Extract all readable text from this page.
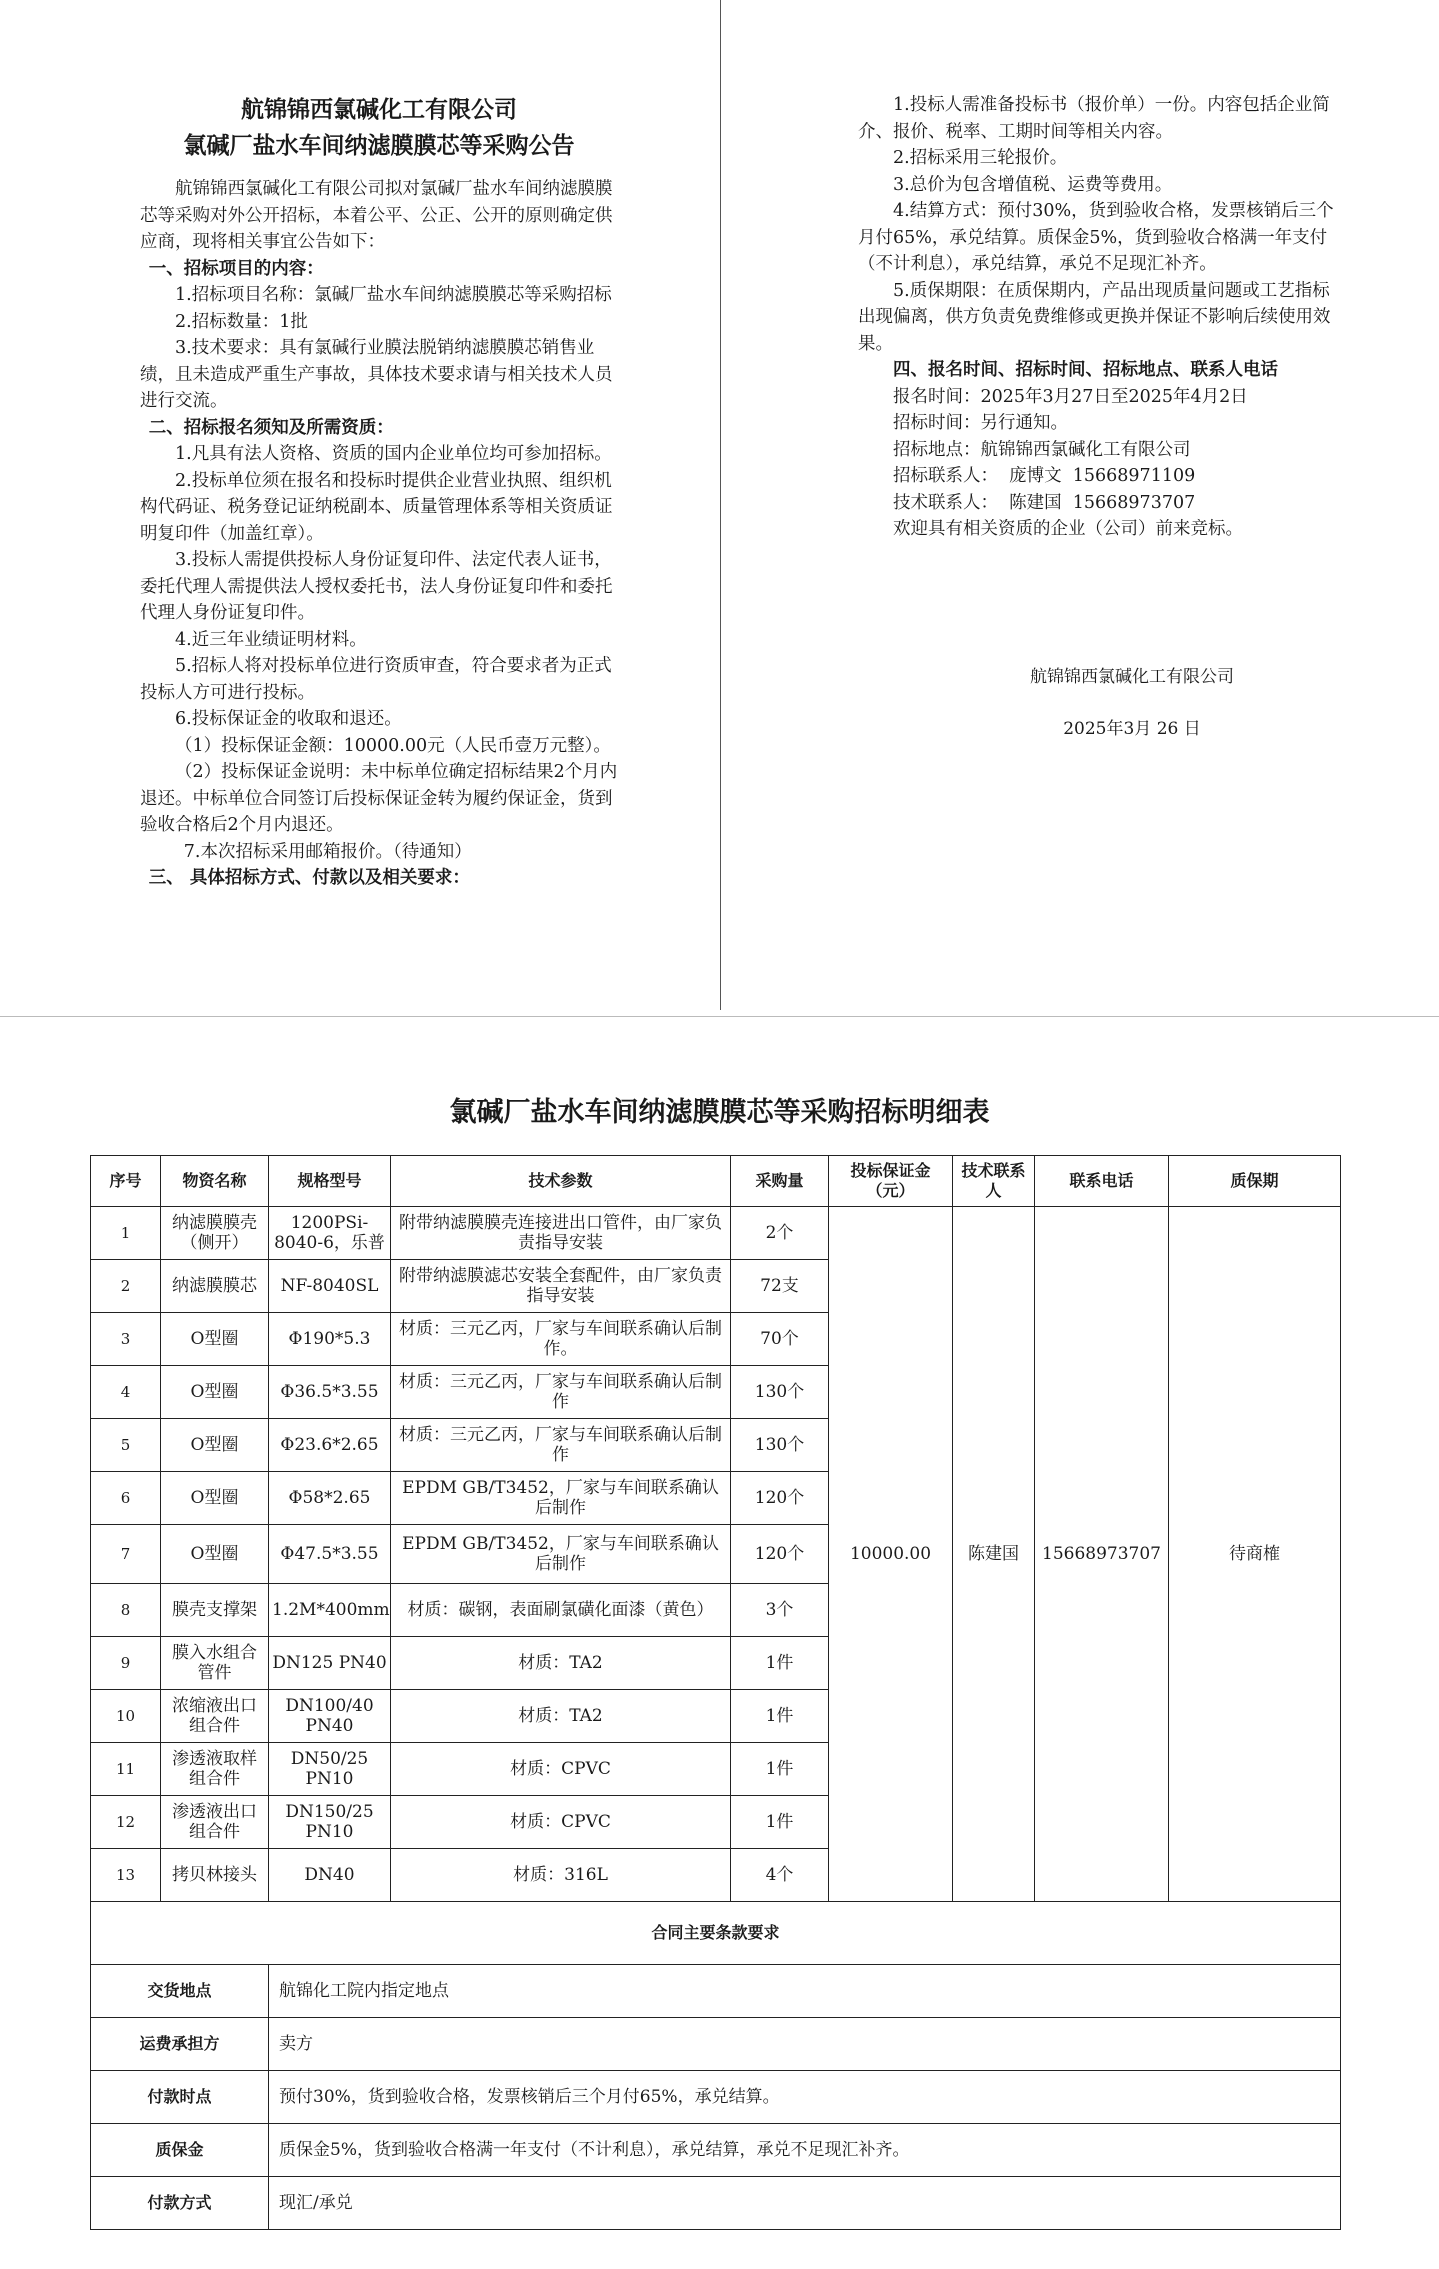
航锦锦西氯碱化工有限公司

氯碱厂盐水车间纳滤膜膜芯等采购公告

航锦锦西氯碱化工有限公司拟对氯碱厂盐水车间纳滤膜膜芯等采购对外公开招标，本着公平、公正、公开的原则确定供应商，现将相关事宜公告如下：

一、招标项目的内容：

1.招标项目名称：氯碱厂盐水车间纳滤膜膜芯等采购招标

2.招标数量：1批

3.技术要求：具有氯碱行业膜法脱销纳滤膜膜芯销售业绩，且未造成严重生产事故，具体技术要求请与相关技术人员进行交流。

二、招标报名须知及所需资质：

1.凡具有法人资格、资质的国内企业单位均可参加招标。

2.投标单位须在报名和投标时提供企业营业执照、组织机构代码证、税务登记证纳税副本、质量管理体系等相关资质证明复印件（加盖红章）。

3.投标人需提供投标人身份证复印件、法定代表人证书，委托代理人需提供法人授权委托书，法人身份证复印件和委托代理人身份证复印件。

4.近三年业绩证明材料。

5.招标人将对投标单位进行资质审查，符合要求者为正式投标人方可进行投标。

6.投标保证金的收取和退还。

（1）投标保证金额：10000.00元（人民币壹万元整）。

（2）投标保证金说明：未中标单位确定招标结果2个月内退还。中标单位合同签订后投标保证金转为履约保证金，货到验收合格后2个月内退还。

7.本次招标采用邮箱报价。（待通知）

三、 具体招标方式、付款以及相关要求：

1.投标人需准备投标书（报价单）一份。内容包括企业简介、报价、税率、工期时间等相关内容。

2.招标采用三轮报价。

3.总价为包含增值税、运费等费用。

4.结算方式：预付30%，货到验收合格，发票核销后三个月付65%，承兑结算。质保金5%，货到验收合格满一年支付（不计利息），承兑结算，承兑不足现汇补齐。

5.质保期限：在质保期内，产品出现质量问题或工艺指标出现偏离，供方负责免费维修或更换并保证不影响后续使用效果。

四、报名时间、招标时间、招标地点、联系人电话

报名时间：2025年3月27日至2025年4月2日

招标时间：另行通知。

招标地点：航锦锦西氯碱化工有限公司

招标联系人：  庞博文  15668971109

技术联系人：  陈建国  15668973707

欢迎具有相关资质的企业（公司）前来竞标。

航锦锦西氯碱化工有限公司
2025年3月 26 日
氯碱厂盐水车间纳滤膜膜芯等采购招标明细表
序号	物资名称	规格型号	技术参数	采购量	投标保证金（元）	技术联系人	联系电话	质保期
1	纳滤膜膜壳（侧开）	1200PSi-8040-6，乐普	附带纳滤膜膜壳连接进出口管件，由厂家负责指导安装	2个	10000.00	陈建国	15668973707	待商榷
2	纳滤膜膜芯	NF-8040SL	附带纳滤膜滤芯安装全套配件，由厂家负责指导安装	72支				
3	O型圈	Φ190*5.3	材质：三元乙丙，厂家与车间联系确认后制作。	70个				
4	O型圈	Φ36.5*3.55	材质：三元乙丙，厂家与车间联系确认后制作	130个				
5	O型圈	Φ23.6*2.65	材质：三元乙丙，厂家与车间联系确认后制作	130个				
6	O型圈	Φ58*2.65	EPDM GB/T3452，厂家与车间联系确认后制作	120个				
7	O型圈	Φ47.5*3.55	EPDM GB/T3452，厂家与车间联系确认后制作	120个				
8	膜壳支撑架	1.2M*400mm	材质：碳钢，表面刷氯磺化面漆（黄色）	3个				
9	膜入水组合管件	DN125 PN40	材质：TA2	1件				
10	浓缩液出口组合件	DN100/40 PN40	材质：TA2	1件				
11	渗透液取样组合件	DN50/25 PN10	材质：CPVC	1件				
12	渗透液出口组合件	DN150/25 PN10	材质：CPVC	1件				
13	拷贝林接头	DN40	材质：316L	4个				
合同主要条款要求								
交货地点		航锦化工院内指定地点						
运费承担方		卖方						
付款时点		预付30%，货到验收合格，发票核销后三个月付65%，承兑结算。						
质保金		质保金5%，货到验收合格满一年支付（不计利息），承兑结算，承兑不足现汇补齐。						
付款方式		现汇/承兑						
